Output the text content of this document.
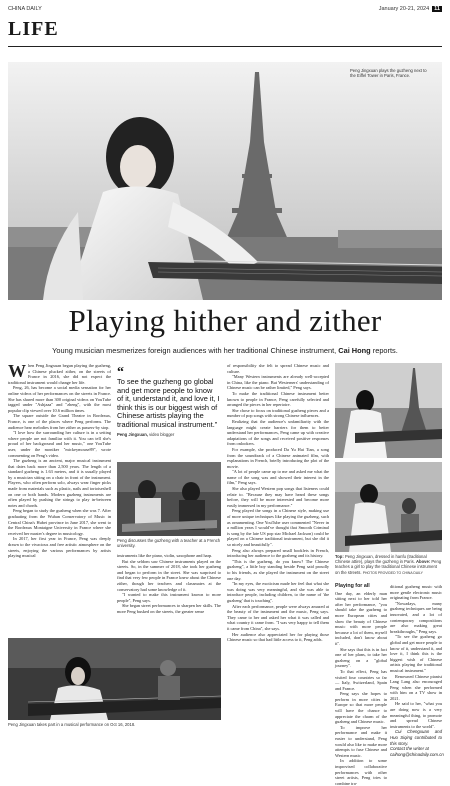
CHINA DAILY	January 20-21, 2024 11
LIFE
Peng Jingxuan plays the guzheng next to the Eiffel Tower in Paris, France.
Playing hither and zither
Young musician mesmerizes foreign audiences with her traditional Chinese instrument, Cai Hong reports.

When Peng Jingxuan began playing the guzheng, a Chinese plucked zither, on the streets of France in 2016, she did not expect the traditional instrument would change her life.

Peng, 26, has become a social media sensation for her online videos of her performances on the streets in France. She has shared more than 300 original videos on YouTube tagged under "Ashjaaa" and "zheng", with the most popular clip viewed over 10.6 million times.

The square outside the Grand Theatre in Bordeaux, France, is one of the places where Peng performs. The audience hear melodies from her zither as passers-by stop.

"I love how the surrounding her culture is in a setting where people are not familiar with it. You can tell she's proud of her background and her music," one YouTube user, under the moniker "mickeymouse89", wrote commenting on Peng's video.

The guzheng is an ancient, major musical instrument that dates back more than 2,500 years. The length of a standard guzheng is 1.63 meters, and it is usually played by a musician sitting on a chair in front of the instrument. Players, who often perform solo, always wear finger picks made from materials such as plastic, nails and tortoiseshell on one or both hands. Modern guzheng instruments are often played by pushing the strings to play in-between notes and chords.

Peng began to study the guzheng when she was 7. After graduating from the Wuhan Conservatory of Music in Central China's Hubei province in June 2017, she went to the Bordeaux Montaigne University in France where she received her master's degree in musicology.

In 2017, her first year in France, Peng was deeply drawn to the vivacious and free artistic atmosphere on the streets, enjoying the various performances by artists playing musical

“
To see the guzheng go global and get more people to know of it, understand it, and love it, I think this is our biggest wish of Chinese artists playing the traditional musical instrument.”
Peng Jingxuan, video blogger
Peng discusses the guzheng with a teacher at a French university.

instruments like the piano, violin, saxophone and harp.

But she seldom saw Chinese instruments played on the streets. So, in the summer of 2018, she took her guzheng and began to perform in the street. She was surprised to find that very few people in France knew about the Chinese zither, though her teachers and classmates at the conservatory had some knowledge of it.

"I wanted to make this instrument known to more people", Peng says.

She began street performances to sharpen her skills. The more Peng busked on the streets, the greater sense

of responsibility she felt to spread Chinese music and culture.

"Many Western instruments are already well-accepted in China, like the piano. But Westerners' understanding of Chinese music can be rather limited," Peng says.

To make the traditional Chinese instrument better known to people in France, Peng carefully selected and arranged the pieces in her repertoire.

She chose to focus on traditional guzheng pieces and a number of pop songs with strong Chinese influences.

Realizing that the audience's unfamiliarity with the language might create barriers for them to better understand her performances, Peng came up with creative adaptations of the songs and received positive responses from onlookers.

For example, she produced Da Yu Hai Tian, a song from the soundtrack of a Chinese animated film, with explanations in French, briefly introducing the plot of the movie.

"A lot of people came up to me and asked me what the name of the song was and showed their interest in the film," Peng says.

She also played Western pop songs that listeners could relate to. "Because they may have heard these songs before, they will be more interested and become more easily immersed in my performance."

Peng played the songs in a Chinese style, making use of more unique techniques like playing the guzheng, such as ornamenting. One YouTube user commented "Never in a million years I would've thought that Smooth Criminal is song by the late US pop star Michael Jackson) could be played on a Chinese traditional instrument, but she did it so nicely and beautifully".

Peng also always prepared small booklets in French, introducing her audience to the guzheng and its history.

"This is the guzheng, do you know? The Chinese guzheng", a little boy standing beside Peng said proudly to his friends, as she played the instrument on the street one day.

"In my eyes, the exoticism made her feel that what she was doing was very meaningful, and she was able to introduce people, including children, to the name of 'the guzheng' that is touching".

After each performance, people were always amazed at the beauty of the instrument and the music, Peng says. They came to her and asked her what it was called and what country it came from. "I was very happy to tell them it came from China", she says.

Her audience also appreciated her for playing those Chinese music so that had little access to it, Peng adds.

Peng Jingxuan takes part in a musical performance on Oct 16, 2018.
Top: Peng Jingxuan, dressed in hanfu (traditional Chinese attire), plays the guzheng in Paris. Above: Peng teaches a girl to play the traditional Chinese instrument on the streets. PHOTOS PROVIDED TO CHINA DAILY
Playing for all

One day, an elderly man sitting next to her told her after her performance, "you should take the guzheng to more European cities and show the beauty of Chinese music with more people because a lot of them, myself included, don't know about it".

She says that this is in fact one of her plans, to take her guzheng on a "global journey".

To that effect, Peng has visited four countries so far — Italy, Switzerland, Spain and France.

Peng says she hopes to perform in more cities in Europe so that more people will have the chance to appreciate the charm of the guzheng and Chinese music.

To improve her performance and make it easier to understand, Peng would also like to make more attempts to fuse Chinese and Western music.

In addition to some improvised collaborative performances with other street artists, Peng tries to combine tra-

ditional guzheng music with more gentle electronic music originating from France.

"Nowadays, many guzheng techniques are being innovated, and a lot of contemporary compositions are also making great breakthroughs," Peng says.

"To see the guzheng go global and get more people to know of it, understand it, and love it, I think this is the biggest wish of Chinese artists playing the traditional musical instrument."

Renowned Chinese pianist Lang Lang also encouraged Peng when she performed with him on a TV show in 2021.

He said to her, "what you are doing now is a very meaningful thing, to promote and spread Chinese instruments to the world".

Cui Chengxuan and Huo Siqing contributed to this story.

Contact the writer at

caihong@chinadaily.com.cn
